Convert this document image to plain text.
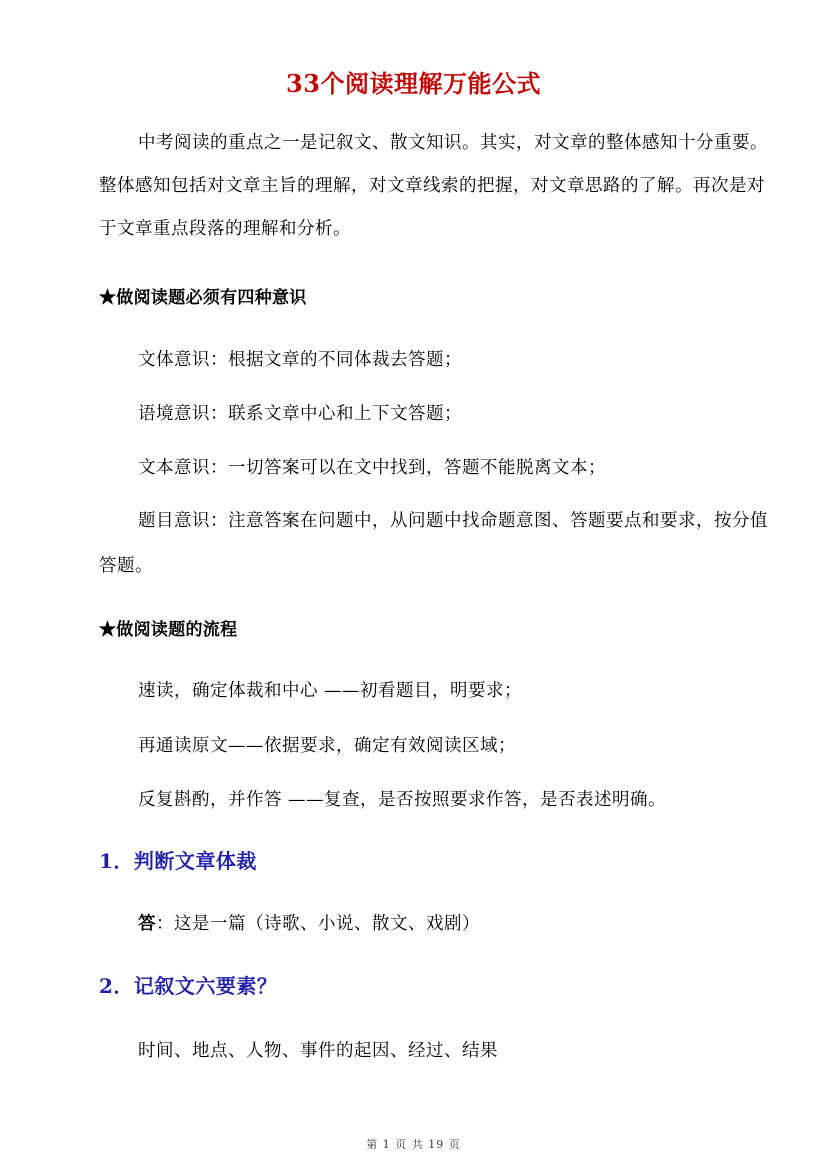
33个阅读理解万能公式
中考阅读的重点之一是记叙文、散文知识。其实，对文章的整体感知十分重要。整体感知包括对文章主旨的理解，对文章线索的把握，对文章思路的了解。再次是对于文章重点段落的理解和分析。
★做阅读题必须有四种意识
文体意识：根据文章的不同体裁去答题；
语境意识：联系文章中心和上下文答题；
文本意识：一切答案可以在文中找到，答题不能脱离文本；
题目意识：注意答案在问题中，从问题中找命题意图、答题要点和要求，按分值答题。
★做阅读题的流程
速读，确定体裁和中心 ——初看题目，明要求；
再通读原文——依据要求，确定有效阅读区域；
反复斟酌，并作答 ——复查，是否按照要求作答，是否表述明确。
1．判断文章体裁
答：这是一篇（诗歌、小说、散文、戏剧）
2．记叙文六要素？
时间、地点、人物、事件的起因、经过、结果
第 1 页 共 19 页
